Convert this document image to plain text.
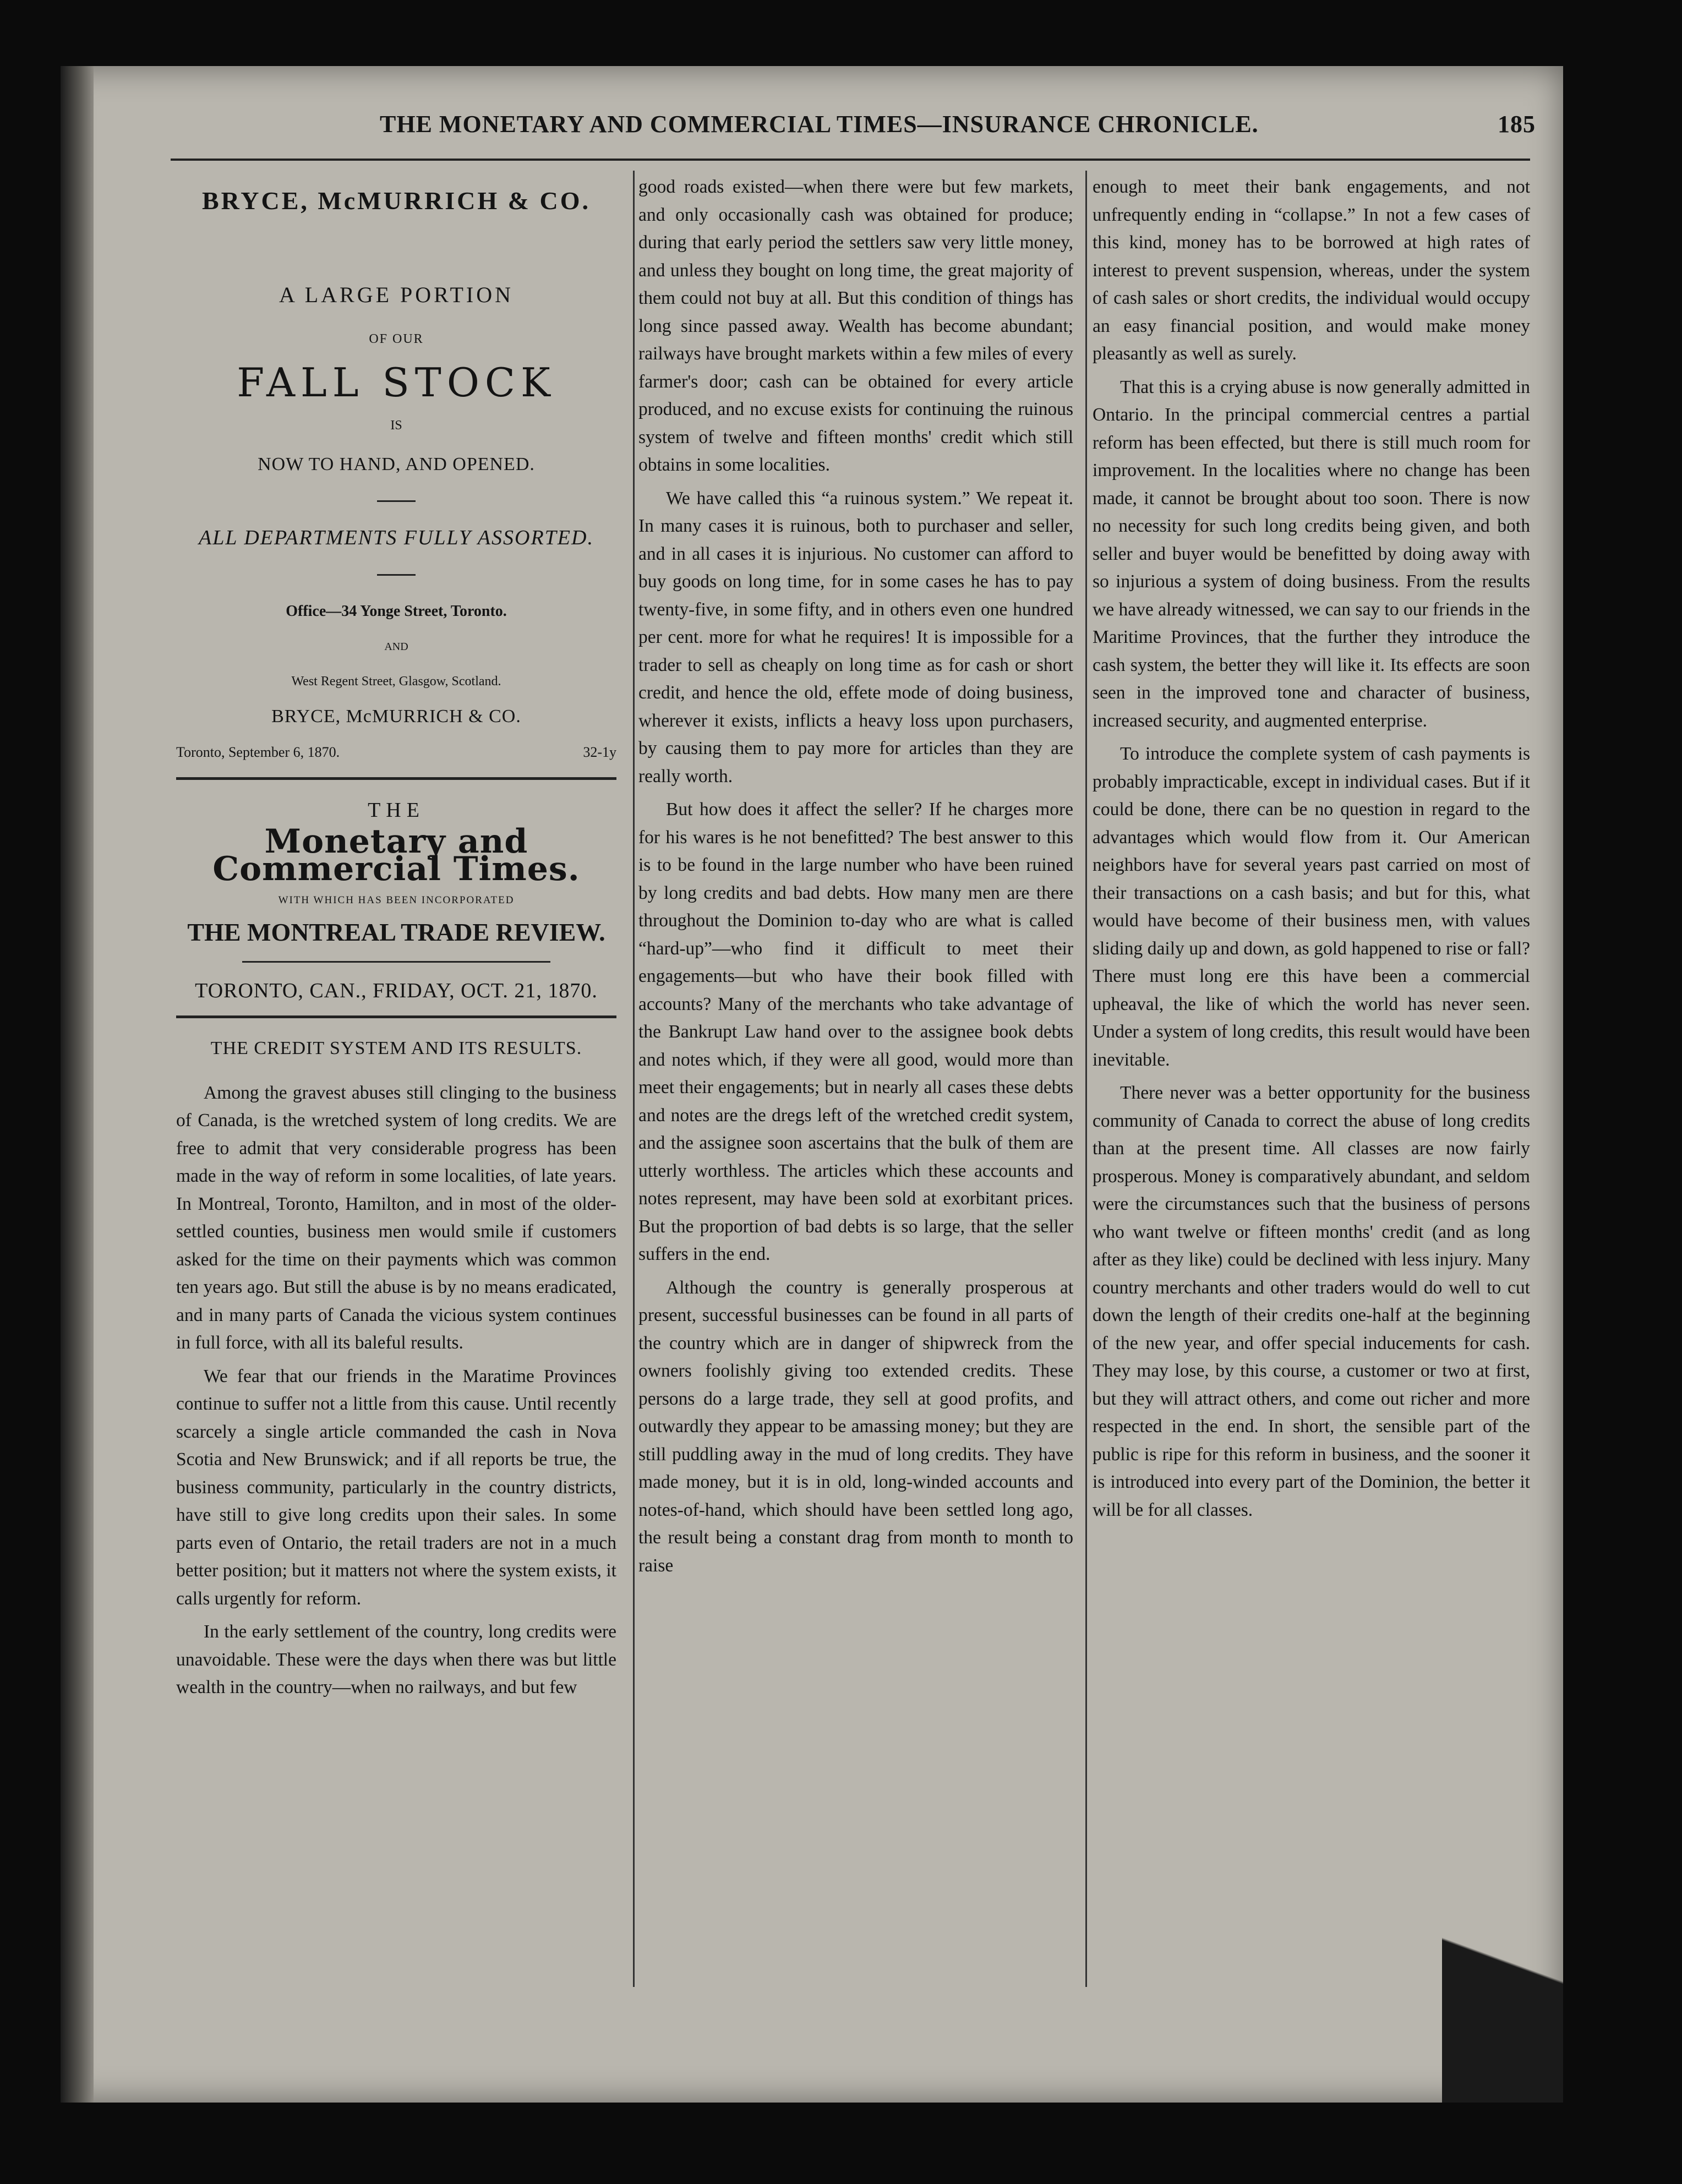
THE MONETARY AND COMMERCIAL TIMES—INSURANCE CHRONICLE.	185
BRYCE, McMURRICH & CO.
A LARGE PORTION
OF OUR
FALL STOCK
IS
NOW TO HAND, AND OPENED.
ALL DEPARTMENTS FULLY ASSORTED.
Office—34 Yonge Street, Toronto.
AND
West Regent Street, Glasgow, Scotland.
BRYCE, McMURRICH & CO.
Toronto, September 6, 1870.	32-1y
THE
Monetary and Commercial Times.
WITH WHICH HAS BEEN INCORPORATED
THE MONTREAL TRADE REVIEW.
TORONTO, CAN., FRIDAY, OCT. 21, 1870.
THE CREDIT SYSTEM AND ITS RESULTS.

Among the gravest abuses still clinging to the business of Canada, is the wretched system of long credits. We are free to admit that very considerable progress has been made in the way of reform in some localities, of late years. In Montreal, Toronto, Hamilton, and in most of the older-settled counties, business men would smile if customers asked for the time on their payments which was common ten years ago. But still the abuse is by no means eradicated, and in many parts of Canada the vicious system continues in full force, with all its baleful results.

We fear that our friends in the Maratime Provinces continue to suffer not a little from this cause. Until recently scarcely a single article commanded the cash in Nova Scotia and New Brunswick; and if all reports be true, the business community, particularly in the country districts, have still to give long credits upon their sales. In some parts even of Ontario, the retail traders are not in a much better position; but it matters not where the system exists, it calls urgently for reform.

In the early settlement of the country, long credits were unavoidable. These were the days when there was but little wealth in the country—when no railways, and but few

good roads existed—when there were but few markets, and only occasionally cash was obtained for produce; during that early period the settlers saw very little money, and unless they bought on long time, the great majority of them could not buy at all. But this condition of things has long since passed away. Wealth has become abundant; railways have brought markets within a few miles of every farmer's door; cash can be obtained for every article produced, and no excuse exists for continuing the ruinous system of twelve and fifteen months' credit which still obtains in some localities.

We have called this “a ruinous system.” We repeat it. In many cases it is ruinous, both to purchaser and seller, and in all cases it is injurious. No customer can afford to buy goods on long time, for in some cases he has to pay twenty-five, in some fifty, and in others even one hundred per cent. more for what he requires! It is impossible for a trader to sell as cheaply on long time as for cash or short credit, and hence the old, effete mode of doing business, wherever it exists, inflicts a heavy loss upon purchasers, by causing them to pay more for articles than they are really worth.

But how does it affect the seller? If he charges more for his wares is he not benefitted? The best answer to this is to be found in the large number who have been ruined by long credits and bad debts. How many men are there throughout the Dominion to-day who are what is called “hard-up”—who find it difficult to meet their engagements—but who have their book filled with accounts? Many of the merchants who take advantage of the Bankrupt Law hand over to the assignee book debts and notes which, if they were all good, would more than meet their engagements; but in nearly all cases these debts and notes are the dregs left of the wretched credit system, and the assignee soon ascertains that the bulk of them are utterly worthless. The articles which these accounts and notes represent, may have been sold at exorbitant prices. But the proportion of bad debts is so large, that the seller suffers in the end.

Although the country is generally prosperous at present, successful businesses can be found in all parts of the country which are in danger of shipwreck from the owners foolishly giving too extended credits. These persons do a large trade, they sell at good profits, and outwardly they appear to be amassing money; but they are still puddling away in the mud of long credits. They have made money, but it is in old, long-winded accounts and notes-of-hand, which should have been settled long ago, the result being a constant drag from month to month to raise

enough to meet their bank engagements, and not unfrequently ending in “collapse.” In not a few cases of this kind, money has to be borrowed at high rates of interest to prevent suspension, whereas, under the system of cash sales or short credits, the individual would occupy an easy financial position, and would make money pleasantly as well as surely.

That this is a crying abuse is now generally admitted in Ontario. In the principal commercial centres a partial reform has been effected, but there is still much room for improvement. In the localities where no change has been made, it cannot be brought about too soon. There is now no necessity for such long credits being given, and both seller and buyer would be benefitted by doing away with so injurious a system of doing business. From the results we have already witnessed, we can say to our friends in the Maritime Provinces, that the further they introduce the cash system, the better they will like it. Its effects are soon seen in the improved tone and character of business, increased security, and augmented enterprise.

To introduce the complete system of cash payments is probably impracticable, except in individual cases. But if it could be done, there can be no question in regard to the advantages which would flow from it. Our American neighbors have for several years past carried on most of their transactions on a cash basis; and but for this, what would have become of their business men, with values sliding daily up and down, as gold happened to rise or fall? There must long ere this have been a commercial upheaval, the like of which the world has never seen. Under a system of long credits, this result would have been inevitable.

There never was a better opportunity for the business community of Canada to correct the abuse of long credits than at the present time. All classes are now fairly prosperous. Money is comparatively abundant, and seldom were the circumstances such that the business of persons who want twelve or fifteen months' credit (and as long after as they like) could be declined with less injury. Many country merchants and other traders would do well to cut down the length of their credits one-half at the beginning of the new year, and offer special inducements for cash. They may lose, by this course, a customer or two at first, but they will attract others, and come out richer and more respected in the end. In short, the sensible part of the public is ripe for this reform in business, and the sooner it is introduced into every part of the Dominion, the better it will be for all classes.
